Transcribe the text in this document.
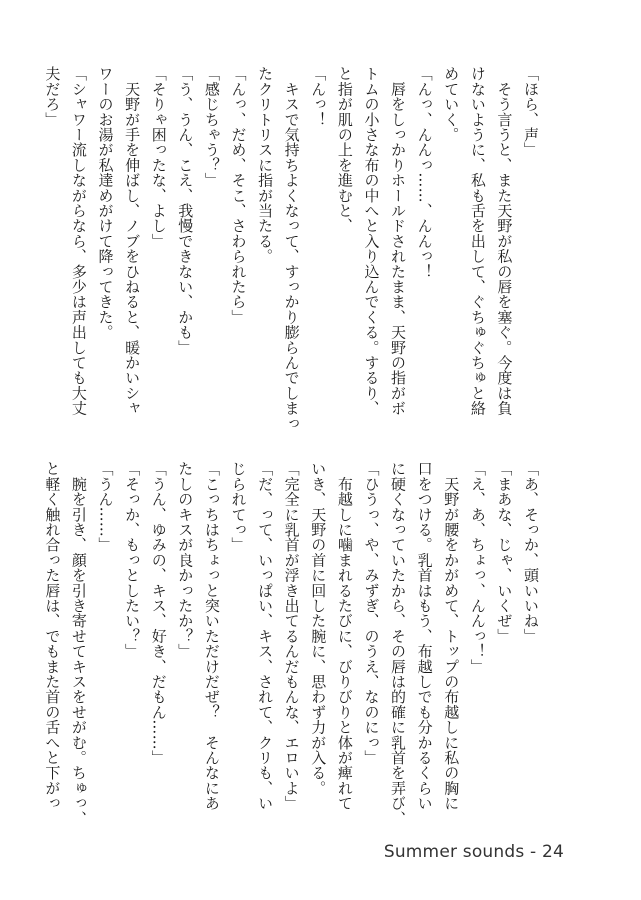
「ほら、声」
　そう言うと、また天野が私の唇を塞ぐ。今度は負
けないように、私も舌を出して、ぐちゅぐちゅと絡
めていく。
「んっ、んんっ……、んんっ！
　唇をしっかりホールドされたまま、天野の指がボ
トムの小さな布の中へと入り込んでくる。するり、
と指が肌の上を進むと、
「んっ！
　キスで気持ちよくなって、すっかり膨らんでしまっ
たクリトリスに指が当たる。
「んっ、だめ、そこ、さわられたら」
「感じちゃう？」
「う、うん、こえ、我慢できない、かも」
「そりゃ困ったな、よし」
　天野が手を伸ばし、ノブをひねると、暖かいシャ
ワーのお湯が私達めがけて降ってきた。
「シャワー流しながらなら、多少は声出しても大丈
夫だろ」
「あ、そっか、頭いいね」
「まあな、じゃ、いくぜ」
「え、あ、ちょっ、んんっ！」
　天野が腰をかがめて、トップの布越しに私の胸に
口をつける。乳首はもう、布越しでも分かるくらい
に硬くなっていたから、その唇は的確に乳首を弄び、
「ひうっ、や、みずぎ、のうえ、なのにっ」
　布越しに噛まれるたびに、びりびりと体が痺れて
いき、天野の首に回した腕に、思わず力が入る。
「完全に乳首が浮き出てるんだもんな、エロいよ」
「だ、って、いっぱい、キス、されて、クリも、い
じられてっ」
「こっちはちょっと突いただけだぜ？　そんなにあ
たしのキスが良かったか？」
「うん、ゆみの、キス、好き、だもん……」
「そっか、もっとしたい？」
「うん……」
　腕を引き、顔を引き寄せてキスをせがむ。ちゅっ、
と軽く触れ合った唇は、でもまた首の舌へと下がっ
Summer sounds - 24
